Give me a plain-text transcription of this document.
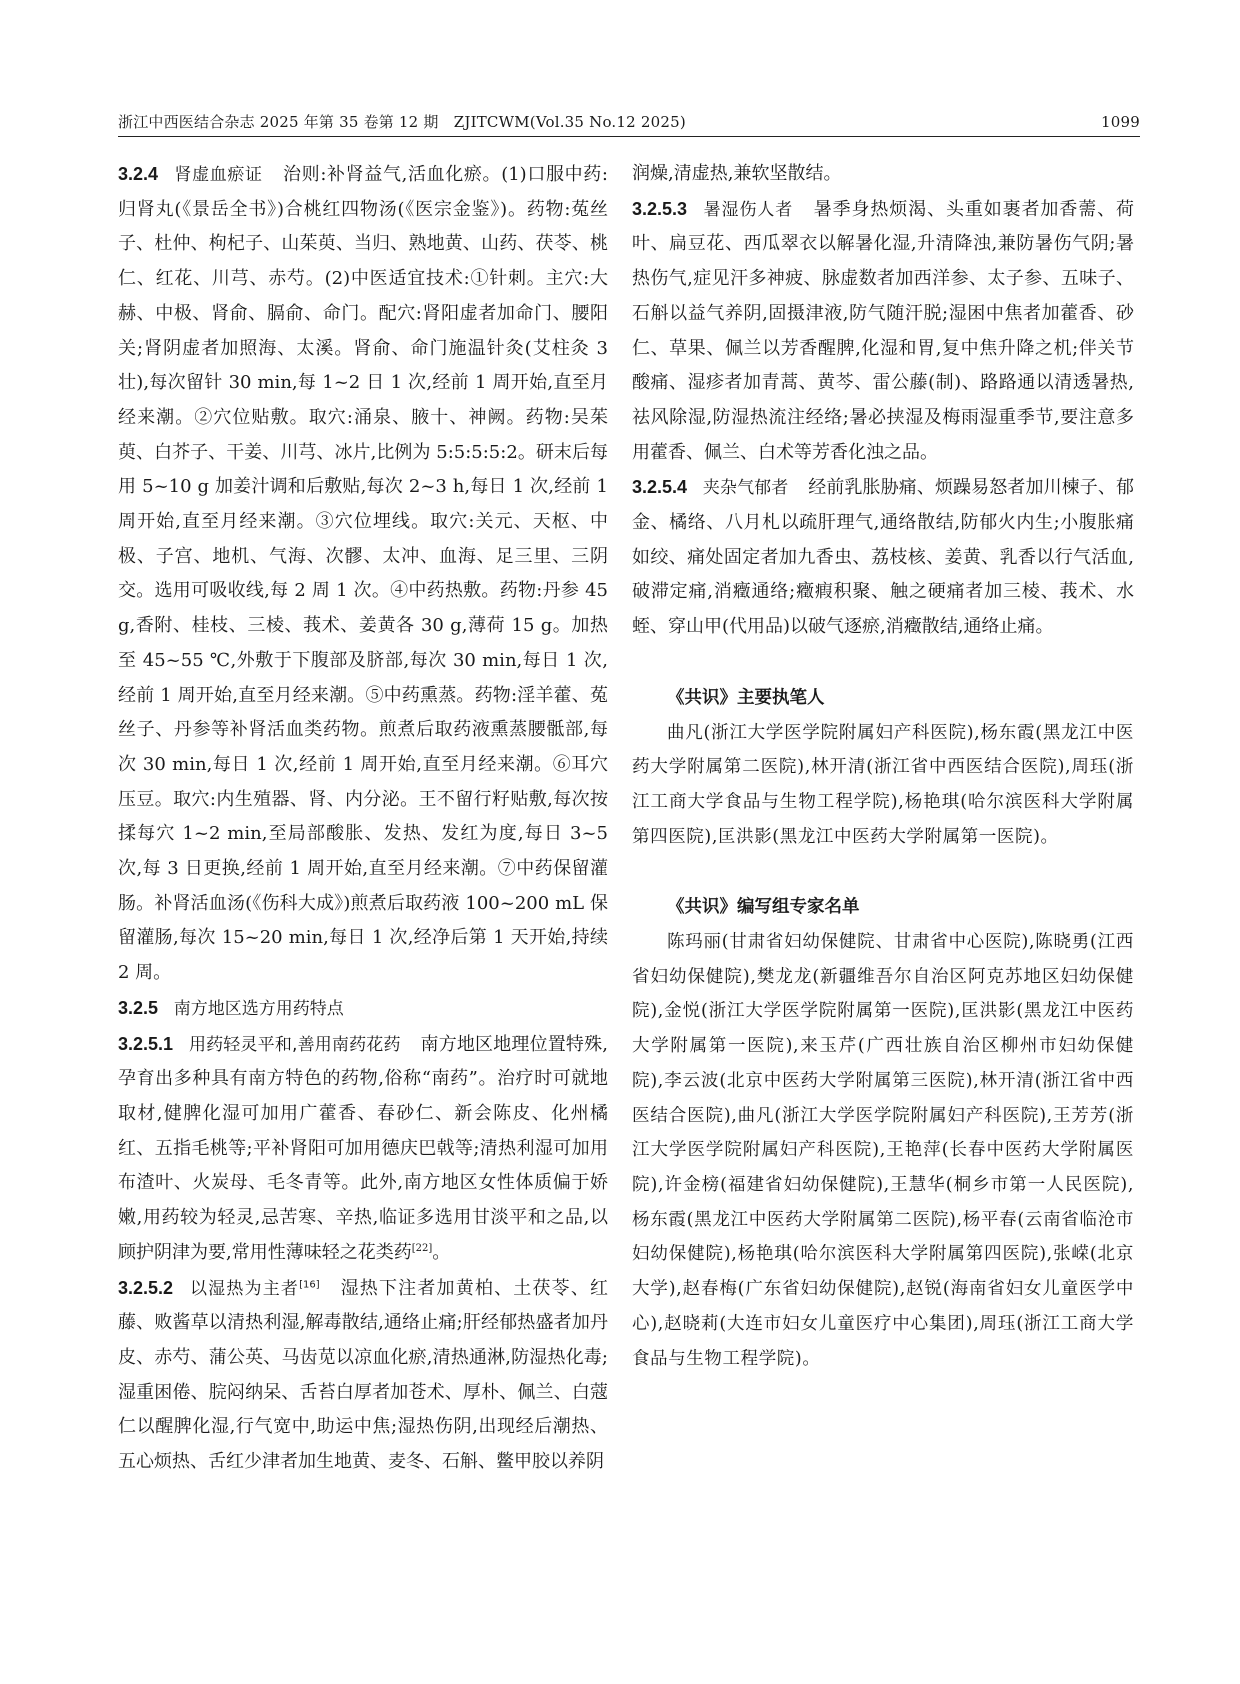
浙江中西医结合杂志 2025 年第 35 卷第 12 期　ZJITCWM(Vol.35 No.12 2025)	1099

3.2.4 肾虚血瘀证 治则:补肾益气,活血化瘀。(1)口服中药:归肾丸(《景岳全书》)合桃红四物汤(《医宗金鉴》)。药物:菟丝子、杜仲、枸杞子、山茱萸、当归、熟地黄、山药、茯苓、桃仁、红花、川芎、赤芍。(2)中医适宜技术:①针刺。主穴:大赫、中极、肾俞、膈俞、命门。配穴:肾阳虚者加命门、腰阳关;肾阴虚者加照海、太溪。肾俞、命门施温针灸(艾柱灸 3 壮),每次留针 30 min,每 1~2 日 1 次,经前 1 周开始,直至月经来潮。②穴位贴敷。取穴:涌泉、腋十、神阙。药物:吴茱萸、白芥子、干姜、川芎、冰片,比例为 5:5:5:5:2。研末后每用 5~10 g 加姜汁调和后敷贴,每次 2~3 h,每日 1 次,经前 1 周开始,直至月经来潮。③穴位埋线。取穴:关元、天枢、中极、子宫、地机、气海、次髎、太冲、血海、足三里、三阴交。选用可吸收线,每 2 周 1 次。④中药热敷。药物:丹参 45 g,香附、桂枝、三棱、莪术、姜黄各 30 g,薄荷 15 g。加热至 45~55 ℃,外敷于下腹部及脐部,每次 30 min,每日 1 次,经前 1 周开始,直至月经来潮。⑤中药熏蒸。药物:淫羊藿、菟丝子、丹参等补肾活血类药物。煎煮后取药液熏蒸腰骶部,每次 30 min,每日 1 次,经前 1 周开始,直至月经来潮。⑥耳穴压豆。取穴:内生殖器、肾、内分泌。王不留行籽贴敷,每次按揉每穴 1~2 min,至局部酸胀、发热、发红为度,每日 3~5 次,每 3 日更换,经前 1 周开始,直至月经来潮。⑦中药保留灌肠。补肾活血汤(《伤科大成》)煎煮后取药液 100~200 mL 保留灌肠,每次 15~20 min,每日 1 次,经净后第 1 天开始,持续 2 周。

3.2.5 南方地区选方用药特点

3.2.5.1 用药轻灵平和,善用南药花药 南方地区地理位置特殊,孕育出多种具有南方特色的药物,俗称“南药”。治疗时可就地取材,健脾化湿可加用广藿香、春砂仁、新会陈皮、化州橘红、五指毛桃等;平补肾阳可加用德庆巴戟等;清热利湿可加用布渣叶、火炭母、毛冬青等。此外,南方地区女性体质偏于娇嫩,用药较为轻灵,忌苦寒、辛热,临证多选用甘淡平和之品,以顾护阴津为要,常用性薄味轻之花类药[22]。

3.2.5.2 以湿热为主者[16] 湿热下注者加黄柏、土茯苓、红藤、败酱草以清热利湿,解毒散结,通络止痛;肝经郁热盛者加丹皮、赤芍、蒲公英、马齿苋以凉血化瘀,清热通淋,防湿热化毒;湿重困倦、脘闷纳呆、舌苔白厚者加苍术、厚朴、佩兰、白蔻仁以醒脾化湿,行气宽中,助运中焦;湿热伤阴,出现经后潮热、五心烦热、舌红少津者加生地黄、麦冬、石斛、鳖甲胶以养阴

润燥,清虚热,兼软坚散结。

3.2.5.3 暑湿伤人者 暑季身热烦渴、头重如裹者加香薷、荷叶、扁豆花、西瓜翠衣以解暑化湿,升清降浊,兼防暑伤气阴;暑热伤气,症见汗多神疲、脉虚数者加西洋参、太子参、五味子、石斛以益气养阴,固摄津液,防气随汗脱;湿困中焦者加藿香、砂仁、草果、佩兰以芳香醒脾,化湿和胃,复中焦升降之机;伴关节酸痛、湿疹者加青蒿、黄芩、雷公藤(制)、路路通以清透暑热,祛风除湿,防湿热流注经络;暑必挟湿及梅雨湿重季节,要注意多用藿香、佩兰、白术等芳香化浊之品。

3.2.5.4 夹杂气郁者 经前乳胀胁痛、烦躁易怒者加川楝子、郁金、橘络、八月札以疏肝理气,通络散结,防郁火内生;小腹胀痛如绞、痛处固定者加九香虫、荔枝核、姜黄、乳香以行气活血,破滞定痛,消癥通络;癥瘕积聚、触之硬痛者加三棱、莪术、水蛭、穿山甲(代用品)以破气逐瘀,消癥散结,通络止痛。

《共识》主要执笔人

曲凡(浙江大学医学院附属妇产科医院),杨东霞(黑龙江中医药大学附属第二医院),林开清(浙江省中西医结合医院),周珏(浙江工商大学食品与生物工程学院),杨艳琪(哈尔滨医科大学附属第四医院),匡洪影(黑龙江中医药大学附属第一医院)。

《共识》编写组专家名单

陈玛丽(甘肃省妇幼保健院、甘肃省中心医院),陈晓勇(江西省妇幼保健院),樊龙龙(新疆维吾尔自治区阿克苏地区妇幼保健院),金悦(浙江大学医学院附属第一医院),匡洪影(黑龙江中医药大学附属第一医院),来玉芹(广西壮族自治区柳州市妇幼保健院),李云波(北京中医药大学附属第三医院),林开清(浙江省中西医结合医院),曲凡(浙江大学医学院附属妇产科医院),王芳芳(浙江大学医学院附属妇产科医院),王艳萍(长春中医药大学附属医院),许金榜(福建省妇幼保健院),王慧华(桐乡市第一人民医院),杨东霞(黑龙江中医药大学附属第二医院),杨平春(云南省临沧市妇幼保健院),杨艳琪(哈尔滨医科大学附属第四医院),张嵘(北京大学),赵春梅(广东省妇幼保健院),赵锐(海南省妇女儿童医学中心),赵晓莉(大连市妇女儿童医疗中心集团),周珏(浙江工商大学食品与生物工程学院)。
